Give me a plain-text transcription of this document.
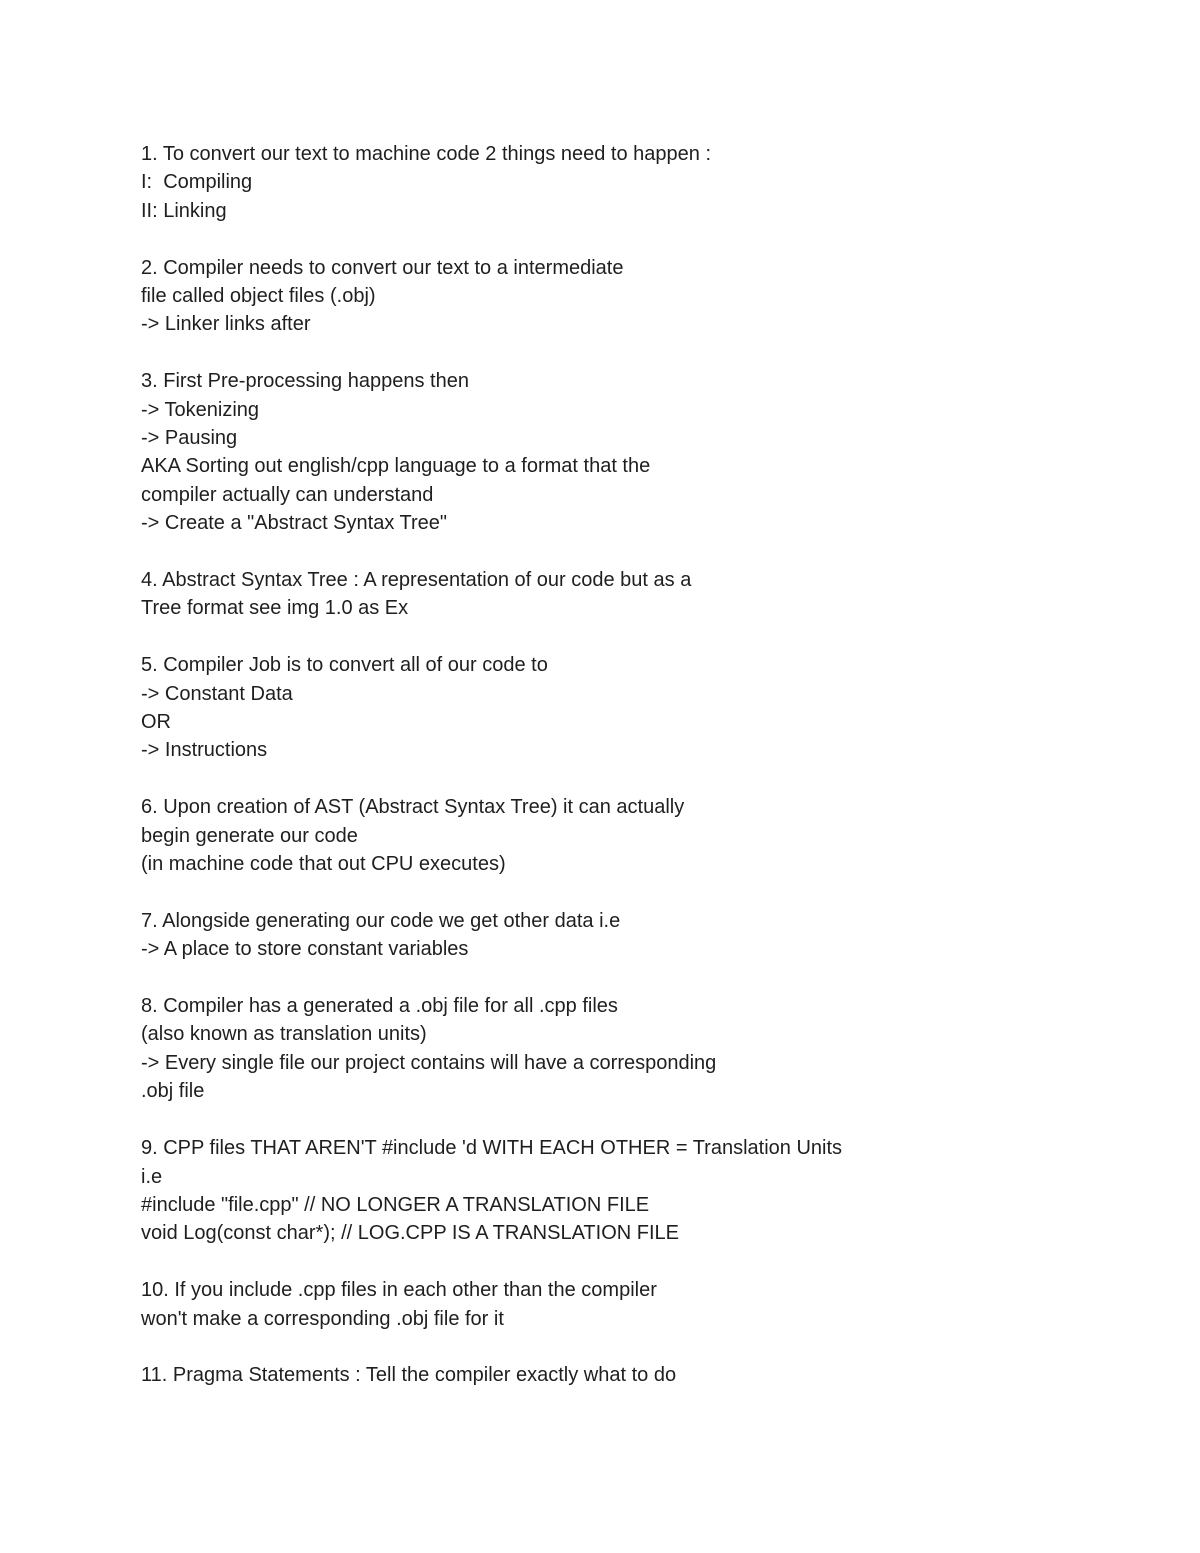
1. To convert our text to machine code 2 things need to happen :
I:  Compiling
II: Linking
2. Compiler needs to convert our text to a intermediate
file called object files (.obj)
-> Linker links after
3. First Pre-processing happens then
-> Tokenizing
-> Pausing
AKA Sorting out english/cpp language to a format that the
compiler actually can understand
-> Create a "Abstract Syntax Tree"
4. Abstract Syntax Tree : A representation of our code but as a
Tree format see img 1.0 as Ex
5. Compiler Job is to convert all of our code to
-> Constant Data
OR
-> Instructions
6. Upon creation of AST (Abstract Syntax Tree) it can actually
begin generate our code
(in machine code that out CPU executes)
7. Alongside generating our code we get other data i.e
-> A place to store constant variables
8. Compiler has a generated a .obj file for all .cpp files
(also known as translation units)
-> Every single file our project contains will have a corresponding
.obj file
9. CPP files THAT AREN'T #include 'd WITH EACH OTHER = Translation Units
i.e
#include "file.cpp" // NO LONGER A TRANSLATION FILE
void Log(const char*); // LOG.CPP IS A TRANSLATION FILE
10. If you include .cpp files in each other than the compiler
won't make a corresponding .obj file for it
11. Pragma Statements : Tell the compiler exactly what to do
